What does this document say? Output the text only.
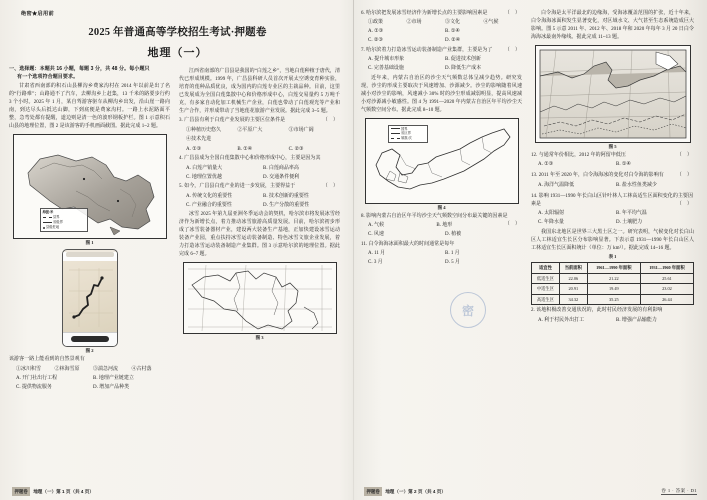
绝密★启用前
2025 年普通高等学校招生考试·押题卷
地理（一）
一、选择题：本题共 16 小题，每题 3 分，共 48 分。每小题只
有一个选项符合题目要求。
甘肃省西南部的积石山县柳沟乡费家沟村在 2014 年以前是出了名的“行路难”；山路通不了汽车，去柳沟乡上赶集，13 千米的路要步行约 3 个小时。2025 年 1 月，某自驾游客驱车从柳沟乡出发，沿山崖一路向南，到达尽头后抵达山脚，下到底便是费家沟村。一路上水泥路面平整，急弯处都有提醒，道边则是清一色的波形钢板护栏。图 1 示意积石山县的地理位置，图 2 是该游客的手机画面截图。据此完成 1~2 题。
海拔/米
县界
省级界
县级驻地
图 1
图 2
该游客一路上能看到的自然景观有
①冰川积雪	②林海雪原	③湍急河流	④古村落
A. 开门社出行工程	B. 地理产业链建立
C. 提供物流服务	D. 增加产品种类
江西省南部的广昌县是我国的“白莲之乡”，当地白莲种植于唐代，清代已形成规模。1999 年，广昌县科研人员首次开展太空诱变育种实验，培育的莲种品质优良，成为国内的白莲专业区的主栽品种。目前，这里已发展成为全国白莲集散中心和价格形成中心，白莲交易量约 5 万吨千克，有多家自动化加工机械生产企业，白莲也带动了白莲观光等产业和生产合作，并形成带动了当地莲花旅游产业发展。据此完成 3~5 题。
3. 广昌县有利于白莲产业发展的主要区位条件是	（ ）
①种植历史悠久	②平原广大	③市场广阔
④技术先进
A. ①③	B. ①④	C. ②③
4. 广昌县成为全国白莲集散中心和价格形成中心，主要是因为其
A. 白莲产销量大	B. 白莲商品率高
C. 地理位置优越	D. 交通条件便利
5. 如今，广昌县白莲产业的进一步发展，主要得益于	（ ）
A. 传统文化的重要性	B. 技术创新的重要性
C. 产业融合的重要性	D. 生产分散的重要性
冰雪 2025 年第九届亚洲冬季运动会的契机，哈尔滨市将发展冰雪经济作为新增长点，着力推动冰雪旅游高质量发展。目前，哈尔滨初步形成了冰雪装备器材产业，建设两大装备生产基地，正加快建设冰雪运动装备产业园，重点扶持冰雪运动装备制造、特色冰雪文旅企业发展，着力打造冰雪运动装备制造产业集群。图 3 示意哈尔滨的地理位置。据此完成 6~7 题。
图 3
押题卷	地理（一）第 1 页（共 4 页）
6. 哈尔滨把发展冰雪经济作为新增长点的主要影响因素是	（ ）
①政策	②市场	③文化	④气候
A. ①③	B. ①④
C. ②③	D. ②④
7. 哈尔滨着力打造冰雪运动装备制造产业集群，主要是为了 （ ）
A. 提升城市形象	B. 促进技术创新
C. 完善基础设施	D. 降低生产成本
近年来，内蒙古自治区的沙尘天气频数总体呈减少趋势。研究发现，沙尘的形成主要取决于风速增加、沙源减少。沙尘的影响随着风速减小对沙尘的影响，风速减小 30% 时的沙尘形成减弱明显，提高风速减小对沙源减小敏感性。图 4 为 1991—2020 年内蒙古自治区年平均沙尘天气频数空间分布。据此完成 8~10 题。
国界
省区界
频数/次
图 4
8. 影响内蒙古自治区年平均沙尘天气频数空间分布最关键的因素是
（ ）
A. 气候	B. 地形
C. 风速	D. 植被
11. 白令海海冰面积最大的时间通常是每年
A. 11 月	B. 1 月
C. 3 月	D. 5 月
白令海是太平洋最北的边缘海，受海冰覆盖范围的扩张，近十年来，白令海海冰面积发生显著变化，对区域水文、大气甚至生态系统造成巨大影响。图 5 示意 2011 年、2012 年、2018 年和 2020 年每年 3 月 20 日白令海海冰最南外缘线。据此完成 11~13 题。
图 5
12. 与通常年份相比，2012 年的阿留申低压	（ ）
A. ①③	B. ①④
13. 2011 年至 2020 年，白令海海冰的变化对白令海的影响有	（ ）
A. 海洋气温降低	B. 盐水性鱼类减少
14. 影响 1931—1990 年长白山区针叶林人工林高适生区面积变化的主要因素是	（ ）
A. 太阳辐射	B. 年平均气温
C. 年降水量	D. 土壤肥力
我国东北地区是世界三大黑土区之一。研究表明，气候变化对长白山区人工林适宜生长区分布影响显著。下表示意 1931—1990 年长白山区人工林适宜生长区面积统计（单位：万 km²）。据此完成 14~16 题。
表 1
适宜性	当前面积	1961—1990 年面积	1931—1960 年面积
低适生区	22.06	21.22	25.61
中适生区	20.91	19.49	23.02
高适生区	34.32	35.25	26.44
2. 该地积极改善交通状况的，此时村民经济发展的有利影响
A. 利于村民外出打工	B. 增强产品输能力
密
押题卷	地理（一）第 2 页（共 4 页）	卷 1 · 答案 · D1
